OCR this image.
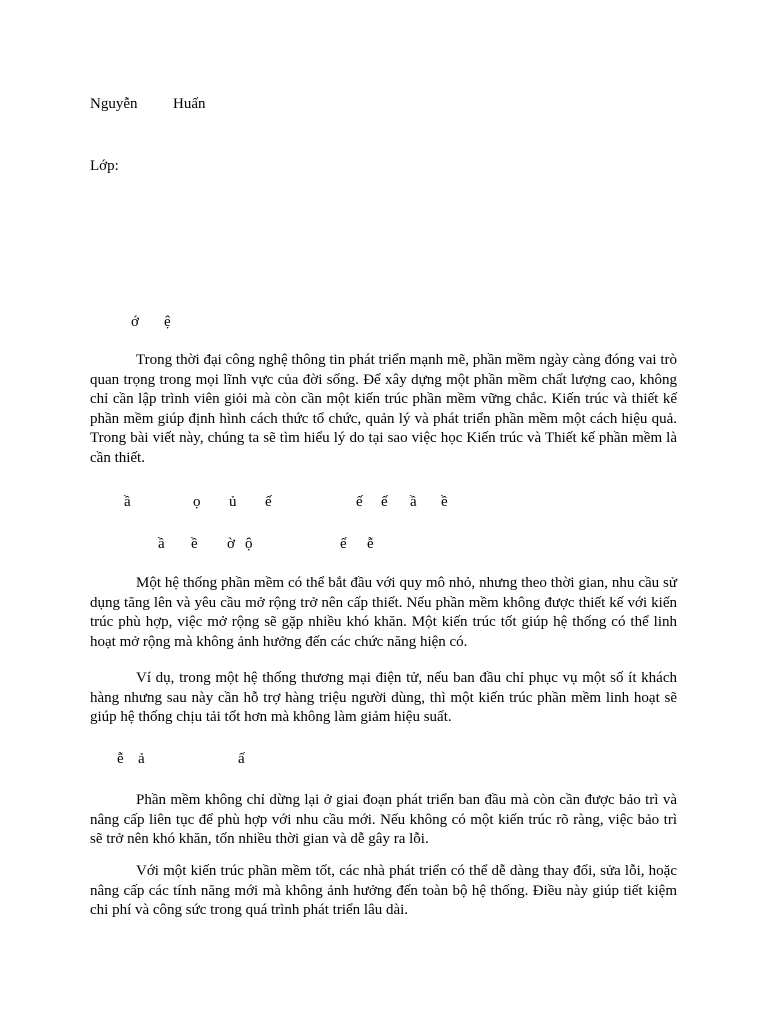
Nguyễn Huấn
Lớp:
ớ ệ

Trong thời đại công nghệ thông tin phát triển mạnh mẽ, phần mềm ngày càng đóng vai trò quan trọng trong mọi lĩnh vực của đời sống. Để xây dựng một phần mềm chất lượng cao, không chỉ cần lập trình viên giỏi mà còn cần một kiến trúc phần mềm vững chắc. Kiến trúc và thiết kế phần mềm giúp định hình cách thức tổ chức, quản lý và phát triển phần mềm một cách hiệu quả. Trong bài viết này, chúng ta sẽ tìm hiểu lý do tại sao việc học Kiến trúc và Thiết kế phần mềm là cần thiết.

ầ	ọ ủ ế	ế ế ầ ề
ầ ề ờ ộ	ể ễ

Một hệ thống phần mềm có thể bắt đầu với quy mô nhỏ, nhưng theo thời gian, nhu cầu sử dụng tăng lên và yêu cầu mở rộng trở nên cấp thiết. Nếu phần mềm không được thiết kế với kiến trúc phù hợp, việc mở rộng sẽ gặp nhiều khó khăn. Một kiến trúc tốt giúp hệ thống có thể linh hoạt mở rộng mà không ảnh hưởng đến các chức năng hiện có.

Ví dụ, trong một hệ thống thương mại điện tử, nếu ban đầu chỉ phục vụ một số ít khách hàng nhưng sau này cần hỗ trợ hàng triệu người dùng, thì một kiến trúc phần mềm linh hoạt sẽ giúp hệ thống chịu tải tốt hơn mà không làm giảm hiệu suất.

ễ ả	ấ

Phần mềm không chỉ dừng lại ở giai đoạn phát triển ban đầu mà còn cần được bảo trì và nâng cấp liên tục để phù hợp với nhu cầu mới. Nếu không có một kiến trúc rõ ràng, việc bảo trì sẽ trở nên khó khăn, tốn nhiều thời gian và dễ gây ra lỗi.

Với một kiến trúc phần mềm tốt, các nhà phát triển có thể dễ dàng thay đổi, sửa lỗi, hoặc nâng cấp các tính năng mới mà không ảnh hưởng đến toàn bộ hệ thống. Điều này giúp tiết kiệm chi phí và công sức trong quá trình phát triển lâu dài.
